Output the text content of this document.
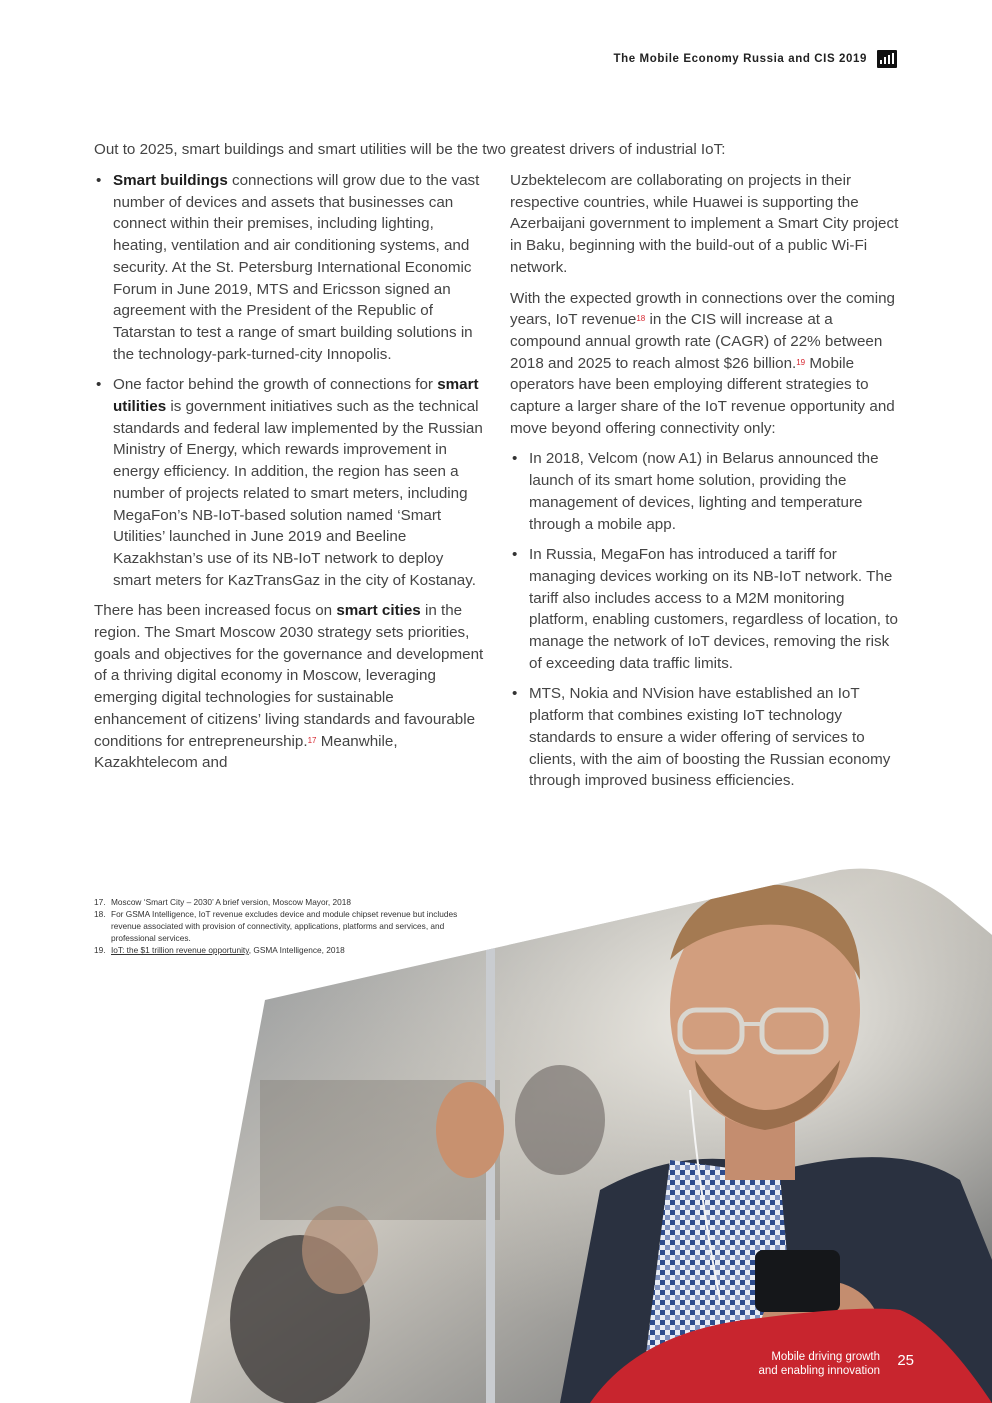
The Mobile Economy Russia and CIS 2019
Out to 2025, smart buildings and smart utilities will be the two greatest drivers of industrial IoT:
• Smart buildings connections will grow due to the vast number of devices and assets that businesses can connect within their premises, including lighting, heating, ventilation and air conditioning systems, and security. At the St. Petersburg International Economic Forum in June 2019, MTS and Ericsson signed an agreement with the President of the Republic of Tatarstan to test a range of smart building solutions in the technology-park-turned-city Innopolis.
• One factor behind the growth of connections for smart utilities is government initiatives such as the technical standards and federal law implemented by the Russian Ministry of Energy, which rewards improvement in energy efficiency. In addition, the region has seen a number of projects related to smart meters, including MegaFon’s NB-IoT-based solution named ‘Smart Utilities’ launched in June 2019 and Beeline Kazakhstan’s use of its NB-IoT network to deploy smart meters for KazTransGaz in the city of Kostanay.

There has been increased focus on smart cities in the region. The Smart Moscow 2030 strategy sets priorities, goals and objectives for the governance and development of a thriving digital economy in Moscow, leveraging emerging digital technologies for sustainable enhancement of citizens’ living standards and favourable conditions for entrepreneurship.$^{17}$ Meanwhile, Kazakhtelecom and

Uzbektelecom are collaborating on projects in their respective countries, while Huawei is supporting the Azerbaijani government to implement a Smart City project in Baku, beginning with the build-out of a public Wi-Fi network.

With the expected growth in connections over the coming years, IoT revenue$^{18}$ in the CIS will increase at a compound annual growth rate (CAGR) of 22% between 2018 and 2025 to reach almost $26 billion.$^{19}$ Mobile operators have been employing different strategies to capture a larger share of the IoT revenue opportunity and move beyond offering connectivity only:

• In 2018, Velcom (now A1) in Belarus announced the launch of its smart home solution, providing the management of devices, lighting and temperature through a mobile app.
• In Russia, MegaFon has introduced a tariff for managing devices working on its NB-IoT network. The tariff also includes access to a M2M monitoring platform, enabling customers, regardless of location, to manage the network of IoT devices, removing the risk of exceeding data traffic limits.
• MTS, Nokia and NVision have established an IoT platform that combines existing IoT technology standards to ensure a wider offering of services to clients, with the aim of boosting the Russian economy through improved business efficiencies.
17. Moscow ‘Smart City – 2030’ A brief version, Moscow Mayor, 2018
18. For GSMA Intelligence, IoT revenue excludes device and module chipset revenue but includes revenue associated with provision of connectivity, applications, platforms and services, and professional services.
19. IoT: the $1 trillion revenue opportunity, GSMA Intelligence, 2018
Mobile driving growth
and enabling innovation
25
